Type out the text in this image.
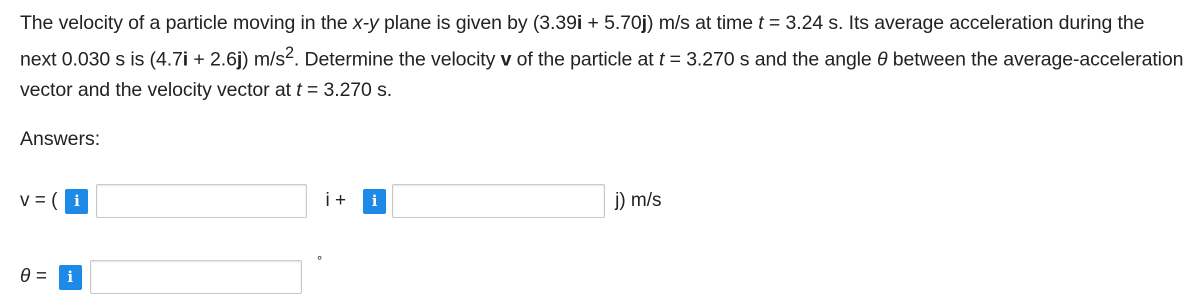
The velocity of a particle moving in the x-y plane is given by (3.39i + 5.70j) m/s at time t = 3.24 s. Its average acceleration during the next 0.030 s is (4.7i + 2.6j) $m/s^2$. Determine the velocity v of the particle at t = 3.270 s and the angle θ between the average-acceleration vector and the velocity vector at t = 3.270 s.
Answers:
v = (	i	i +	i	j) m/s
θ =	i
°
